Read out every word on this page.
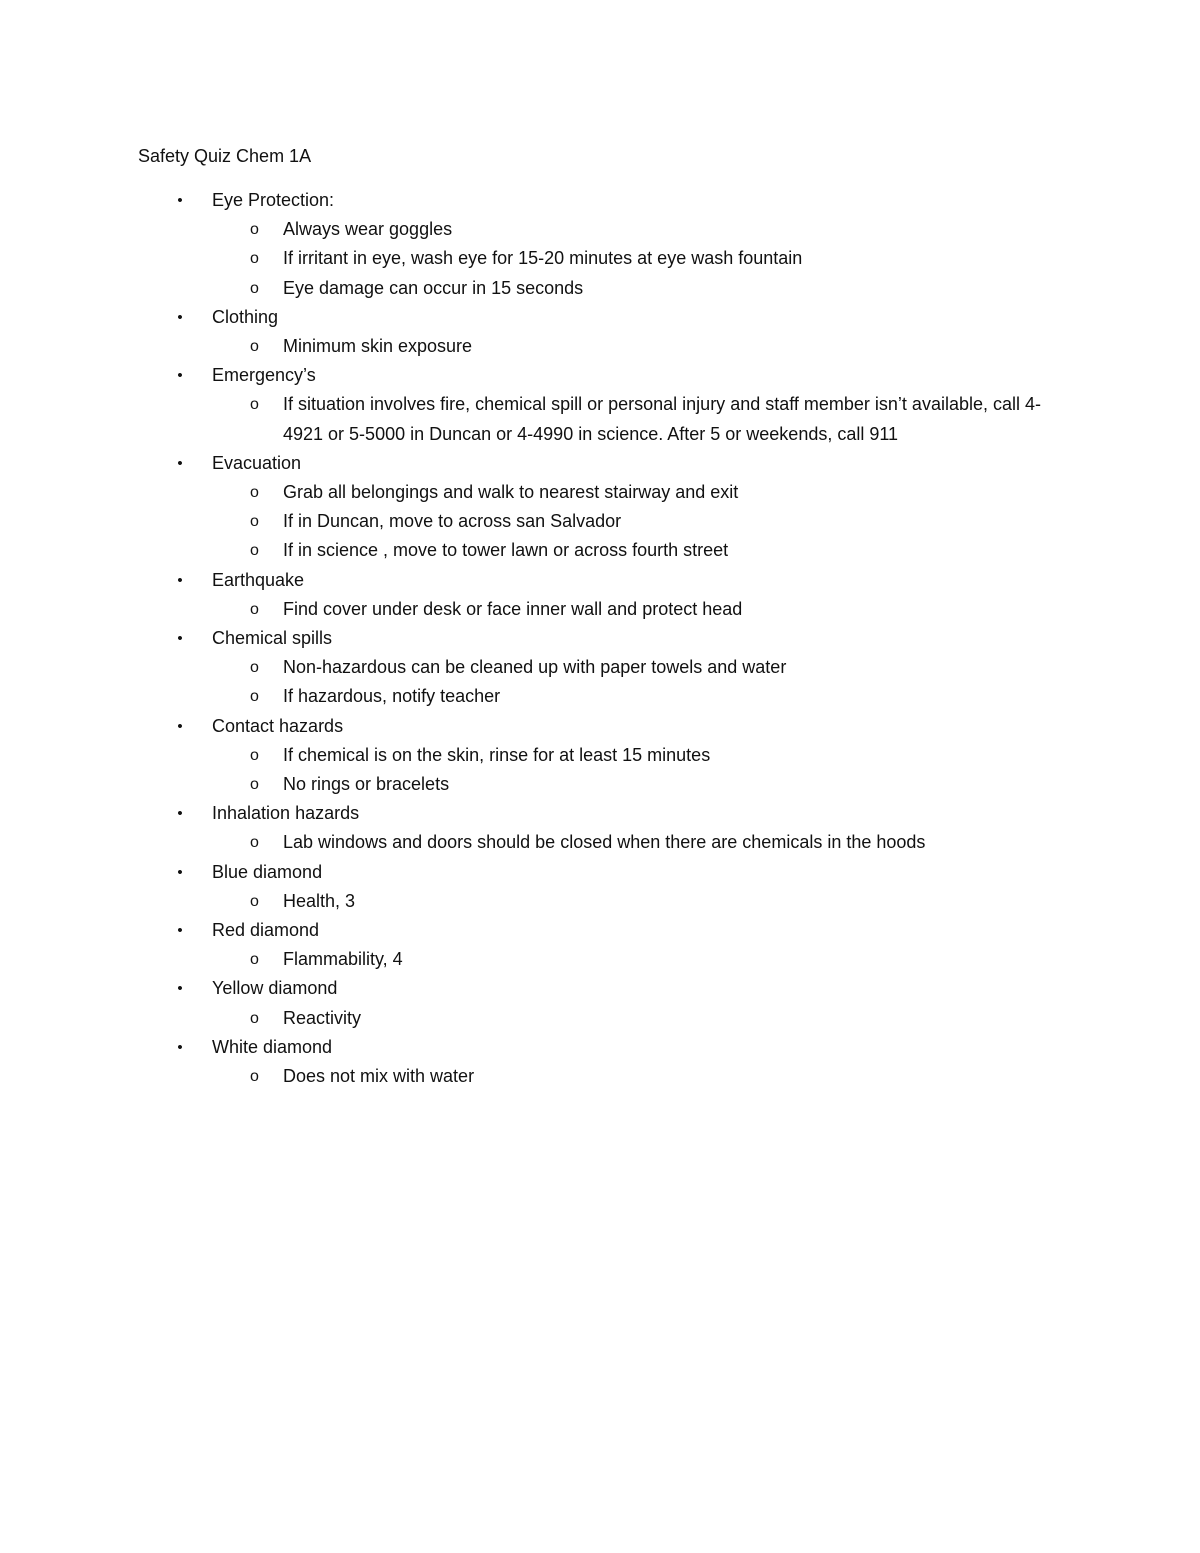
Safety Quiz Chem 1A
• Eye Protection:
o Always wear goggles
o If irritant in eye, wash eye for 15-20 minutes at eye wash fountain
o Eye damage can occur in 15 seconds
• Clothing
o Minimum skin exposure
• Emergency’s
o If situation involves fire, chemical spill or personal injury and staff member isn’t available, call 4-4921 or 5-5000 in Duncan or 4-4990 in science. After 5 or weekends, call 911
• Evacuation
o Grab all belongings and walk to nearest stairway and exit
o If in Duncan, move to across san Salvador
o If in science , move to tower lawn or across fourth street
• Earthquake
o Find cover under desk or face inner wall and protect head
• Chemical spills
o Non-hazardous can be cleaned up with paper towels and water
o If hazardous, notify teacher
• Contact hazards
o If chemical is on the skin, rinse for at least 15 minutes
o No rings or bracelets
• Inhalation hazards
o Lab windows and doors should be closed when there are chemicals in the hoods
• Blue diamond
o Health, 3
• Red diamond
o Flammability, 4
• Yellow diamond
o Reactivity
• White diamond
o Does not mix with water
